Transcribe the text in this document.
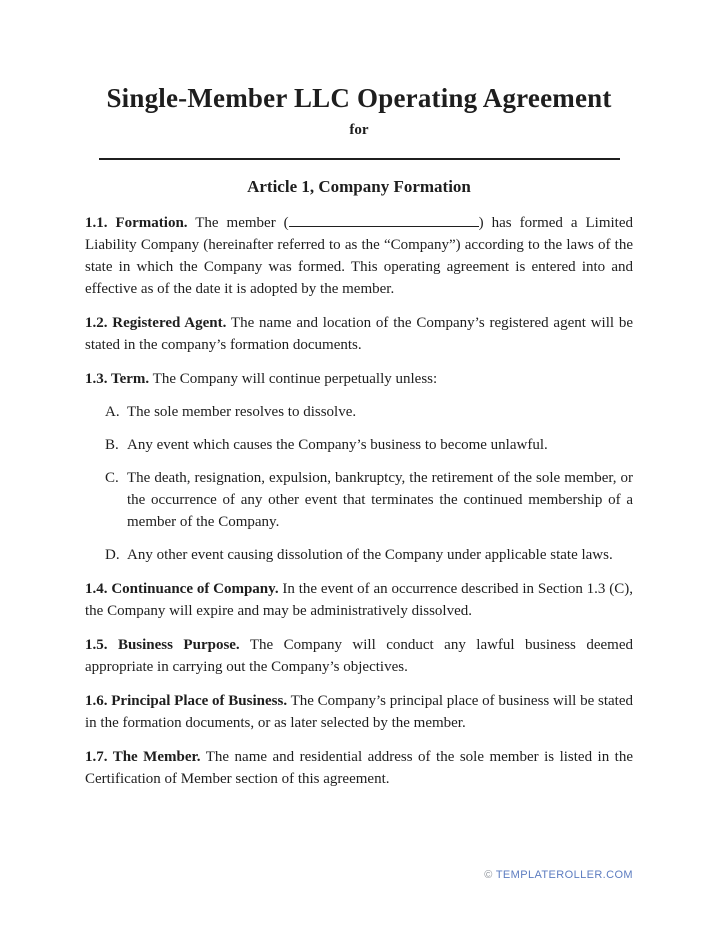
Single-Member LLC Operating Agreement
for
Article 1, Company Formation

1.1. Formation. The member (	) has formed a Limited Liability Company (hereinafter referred to as the “Company”) according to the laws of the state in which the Company was formed. This operating agreement is entered into and effective as of the date it is adopted by the member.

1.2. Registered Agent. The name and location of the Company’s registered agent will be stated in the company’s formation documents.

1.3. Term. The Company will continue perpetually unless:

A. The sole member resolves to dissolve.
B. Any event which causes the Company’s business to become unlawful.
C. The death, resignation, expulsion, bankruptcy, the retirement of the sole member, or the occurrence of any other event that terminates the continued membership of a member of the Company.
D. Any other event causing dissolution of the Company under applicable state laws.

1.4. Continuance of Company. In the event of an occurrence described in Section 1.3 (C), the Company will expire and may be administratively dissolved.

1.5. Business Purpose. The Company will conduct any lawful business deemed appropriate in carrying out the Company’s objectives.

1.6. Principal Place of Business. The Company’s principal place of business will be stated in the formation documents, or as later selected by the member.

1.7. The Member. The name and residential address of the sole member is listed in the Certification of Member section of this agreement.

© TEMPLATEROLLER.COM
